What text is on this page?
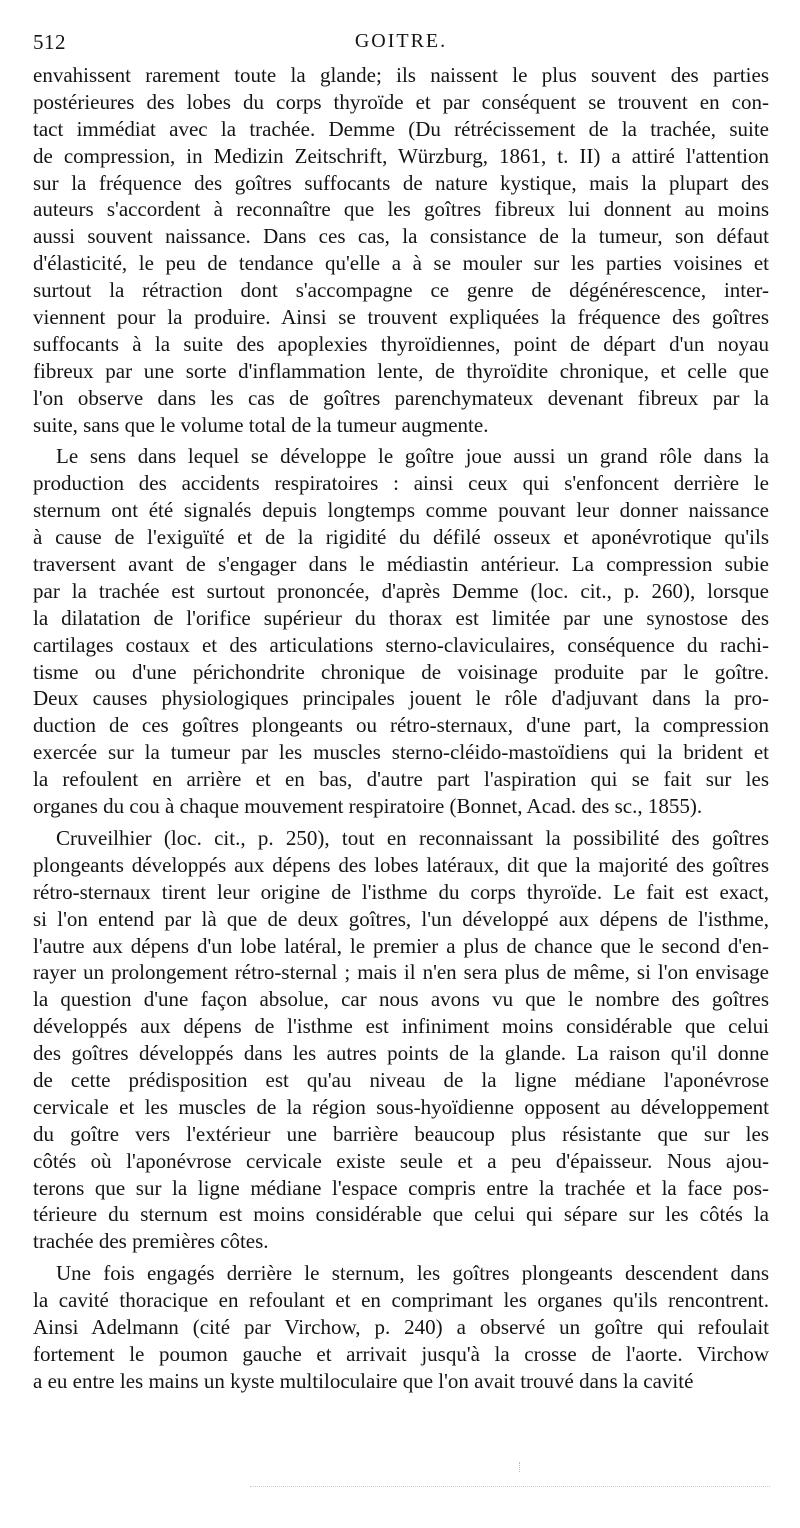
512	GOITRE.
envahissent rarement toute la glande; ils naissent le plus souvent des parties
postérieures des lobes du corps thyroïde et par conséquent se trouvent en con-
tact immédiat avec la trachée. Demme (Du rétrécissement de la trachée, suite
de compression, in Medizin Zeitschrift, Würzburg, 1861, t. II) a attiré l'attention
sur la fréquence des goîtres suffocants de nature kystique, mais la plupart des
auteurs s'accordent à reconnaître que les goîtres fibreux lui donnent au moins
aussi souvent naissance. Dans ces cas, la consistance de la tumeur, son défaut
d'élasticité, le peu de tendance qu'elle a à se mouler sur les parties voisines et
surtout la rétraction dont s'accompagne ce genre de dégénérescence, inter-
viennent pour la produire. Ainsi se trouvent expliquées la fréquence des goîtres
suffocants à la suite des apoplexies thyroïdiennes, point de départ d'un noyau
fibreux par une sorte d'inflammation lente, de thyroïdite chronique, et celle que
l'on observe dans les cas de goîtres parenchymateux devenant fibreux par la
suite, sans que le volume total de la tumeur augmente.
Le sens dans lequel se développe le goître joue aussi un grand rôle dans la
production des accidents respiratoires : ainsi ceux qui s'enfoncent derrière le
sternum ont été signalés depuis longtemps comme pouvant leur donner naissance
à cause de l'exiguïté et de la rigidité du défilé osseux et aponévrotique qu'ils
traversent avant de s'engager dans le médiastin antérieur. La compression subie
par la trachée est surtout prononcée, d'après Demme (loc. cit., p. 260), lorsque
la dilatation de l'orifice supérieur du thorax est limitée par une synostose des
cartilages costaux et des articulations sterno-claviculaires, conséquence du rachi-
tisme ou d'une périchondrite chronique de voisinage produite par le goître.
Deux causes physiologiques principales jouent le rôle d'adjuvant dans la pro-
duction de ces goîtres plongeants ou rétro-sternaux, d'une part, la compression
exercée sur la tumeur par les muscles sterno-cléido-mastoïdiens qui la brident et
la refoulent en arrière et en bas, d'autre part l'aspiration qui se fait sur les
organes du cou à chaque mouvement respiratoire (Bonnet, Acad. des sc., 1855).
Cruveilhier (loc. cit., p. 250), tout en reconnaissant la possibilité des goîtres
plongeants développés aux dépens des lobes latéraux, dit que la majorité des goîtres
rétro-sternaux tirent leur origine de l'isthme du corps thyroïde. Le fait est exact,
si l'on entend par là que de deux goîtres, l'un développé aux dépens de l'isthme,
l'autre aux dépens d'un lobe latéral, le premier a plus de chance que le second d'en-
rayer un prolongement rétro-sternal ; mais il n'en sera plus de même, si l'on envisage
la question d'une façon absolue, car nous avons vu que le nombre des goîtres
développés aux dépens de l'isthme est infiniment moins considérable que celui
des goîtres développés dans les autres points de la glande. La raison qu'il donne
de cette prédisposition est qu'au niveau de la ligne médiane l'aponévrose
cervicale et les muscles de la région sous-hyoïdienne opposent au développement
du goître vers l'extérieur une barrière beaucoup plus résistante que sur les
côtés où l'aponévrose cervicale existe seule et a peu d'épaisseur. Nous ajou-
terons que sur la ligne médiane l'espace compris entre la trachée et la face pos-
térieure du sternum est moins considérable que celui qui sépare sur les côtés la
trachée des premières côtes.
Une fois engagés derrière le sternum, les goîtres plongeants descendent dans
la cavité thoracique en refoulant et en comprimant les organes qu'ils rencontrent.
Ainsi Adelmann (cité par Virchow, p. 240) a observé un goître qui refoulait
fortement le poumon gauche et arrivait jusqu'à la crosse de l'aorte. Virchow
a eu entre les mains un kyste multiloculaire que l'on avait trouvé dans la cavité
